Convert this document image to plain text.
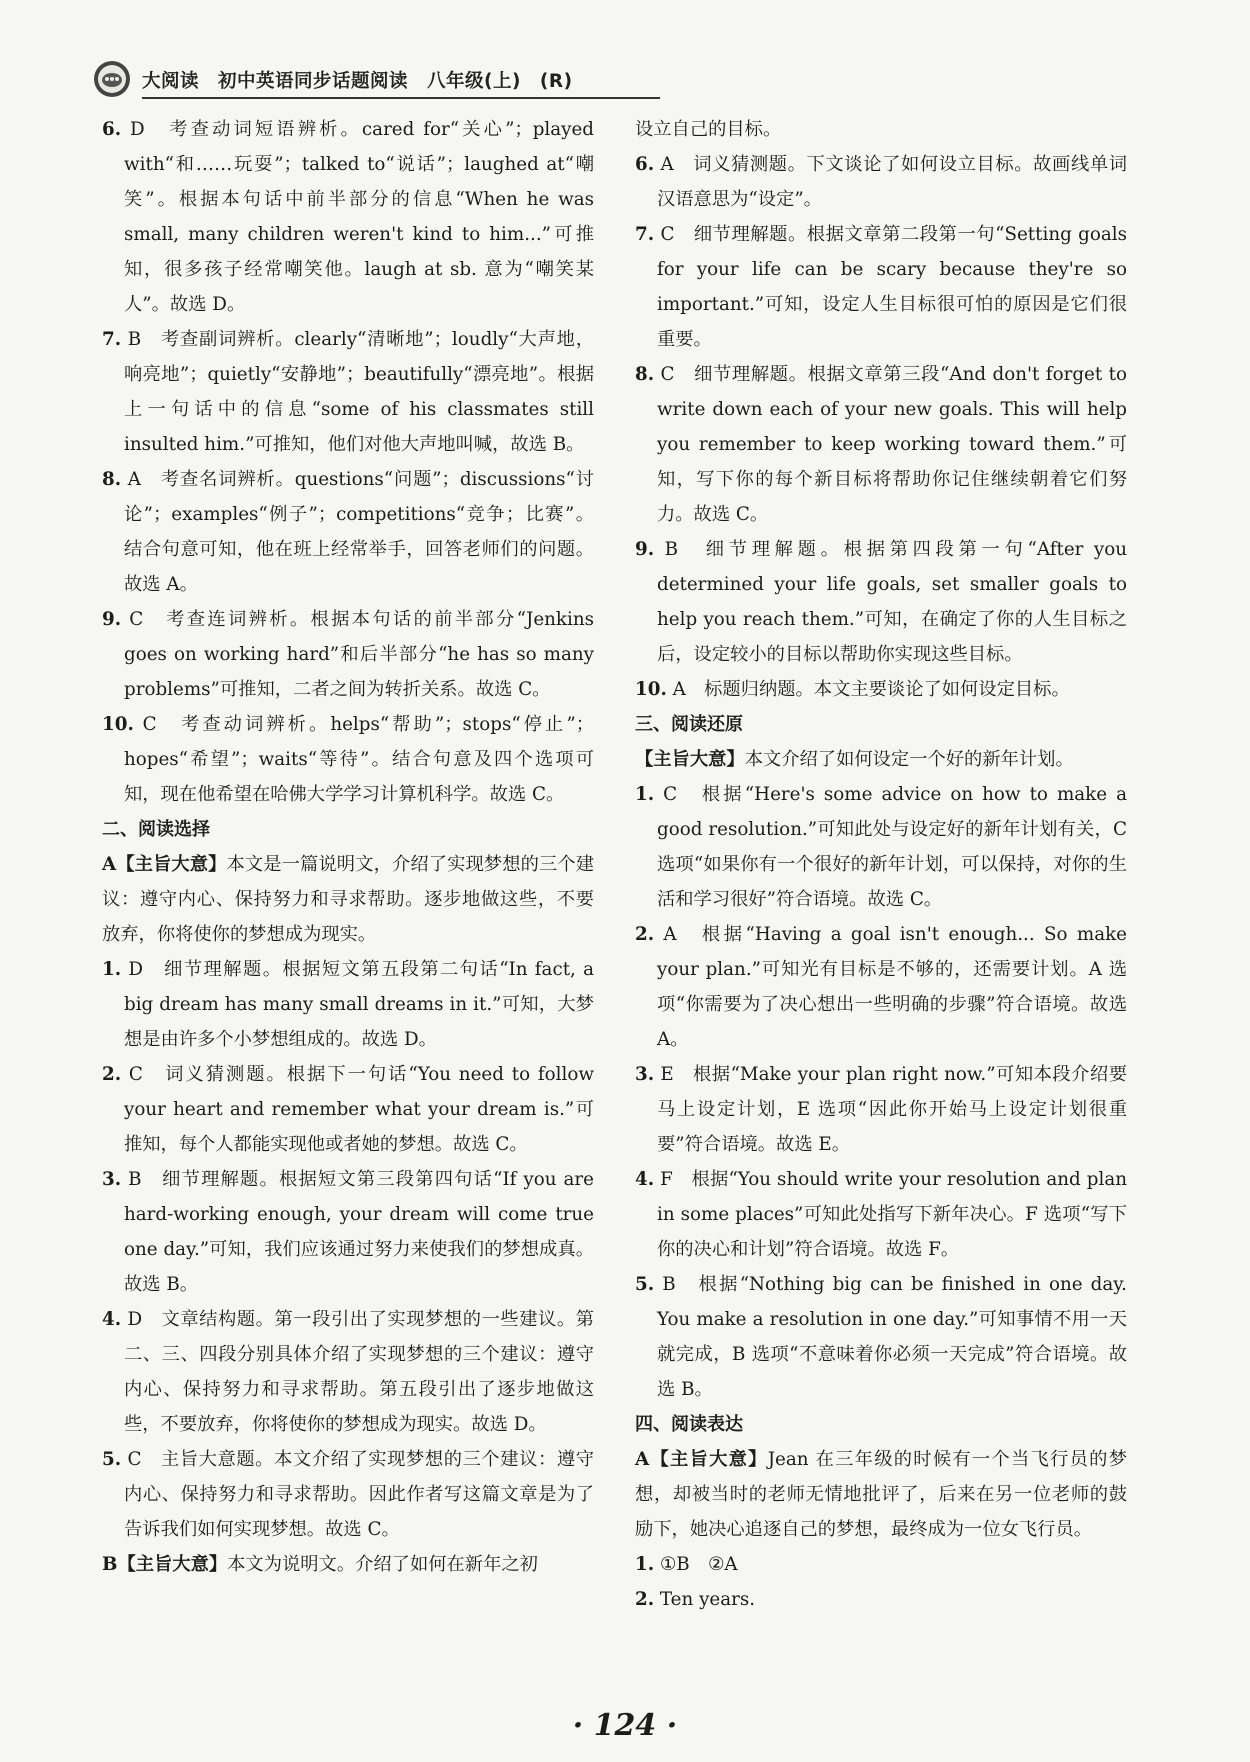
大阅读　初中英语同步话题阅读　八年级(上)　(R)

6. D　考查动词短语辨析。cared for“关心”；played with“和……玩耍”；talked to“说话”；laughed at“嘲笑”。根据本句话中前半部分的信息“When he was small, many children weren't kind to him...”可推知，很多孩子经常嘲笑他。laugh at sb. 意为“嘲笑某人”。故选 D。

7. B　考查副词辨析。clearly“清晰地”；loudly“大声地，响亮地”；quietly“安静地”；beautifully“漂亮地”。根据上一句话中的信息“some of his classmates still insulted him.”可推知，他们对他大声地叫喊，故选 B。

8. A　考查名词辨析。questions“问题”；discussions“讨论”；examples“例子”；competitions“竞争；比赛”。结合句意可知，他在班上经常举手，回答老师们的问题。故选 A。

9. C　考查连词辨析。根据本句话的前半部分“Jenkins goes on working hard”和后半部分“he has so many problems”可推知，二者之间为转折关系。故选 C。

10. C　考查动词辨析。helps“帮助”；stops“停止”；hopes“希望”；waits“等待”。结合句意及四个选项可知，现在他希望在哈佛大学学习计算机科学。故选 C。

二、阅读选择

A【主旨大意】本文是一篇说明文，介绍了实现梦想的三个建议：遵守内心、保持努力和寻求帮助。逐步地做这些，不要放弃，你将使你的梦想成为现实。

1. D　细节理解题。根据短文第五段第二句话“In fact, a big dream has many small dreams in it.”可知，大梦想是由许多个小梦想组成的。故选 D。

2. C　词义猜测题。根据下一句话“You need to follow your heart and remember what your dream is.”可推知，每个人都能实现他或者她的梦想。故选 C。

3. B　细节理解题。根据短文第三段第四句话“If you are hard-working enough, your dream will come true one day.”可知，我们应该通过努力来使我们的梦想成真。故选 B。

4. D　文章结构题。第一段引出了实现梦想的一些建议。第二、三、四段分别具体介绍了实现梦想的三个建议：遵守内心、保持努力和寻求帮助。第五段引出了逐步地做这些，不要放弃，你将使你的梦想成为现实。故选 D。

5. C　主旨大意题。本文介绍了实现梦想的三个建议：遵守内心、保持努力和寻求帮助。因此作者写这篇文章是为了告诉我们如何实现梦想。故选 C。

B【主旨大意】本文为说明文。介绍了如何在新年之初

设立自己的目标。

6. A　词义猜测题。下文谈论了如何设立目标。故画线单词汉语意思为“设定”。

7. C　细节理解题。根据文章第二段第一句“Setting goals for your life can be scary because they're so important.”可知，设定人生目标很可怕的原因是它们很重要。

8. C　细节理解题。根据文章第三段“And don't forget to write down each of your new goals. This will help you remember to keep working toward them.”可知，写下你的每个新目标将帮助你记住继续朝着它们努力。故选 C。

9. B　细节理解题。根据第四段第一句“After you determined your life goals, set smaller goals to help you reach them.”可知，在确定了你的人生目标之后，设定较小的目标以帮助你实现这些目标。

10. A　标题归纳题。本文主要谈论了如何设定目标。

三、阅读还原

【主旨大意】本文介绍了如何设定一个好的新年计划。

1. C　根据“Here's some advice on how to make a good resolution.”可知此处与设定好的新年计划有关，C 选项“如果你有一个很好的新年计划，可以保持，对你的生活和学习很好”符合语境。故选 C。

2. A　根据“Having a goal isn't enough... So make your plan.”可知光有目标是不够的，还需要计划。A 选项“你需要为了决心想出一些明确的步骤”符合语境。故选 A。

3. E　根据“Make your plan right now.”可知本段介绍要马上设定计划，E 选项“因此你开始马上设定计划很重要”符合语境。故选 E。

4. F　根据“You should write your resolution and plan in some places”可知此处指写下新年决心。F 选项“写下你的决心和计划”符合语境。故选 F。

5. B　根据“Nothing big can be finished in one day. You make a resolution in one day.”可知事情不用一天就完成，B 选项“不意味着你必须一天完成”符合语境。故选 B。

四、阅读表达

A【主旨大意】Jean 在三年级的时候有一个当飞行员的梦想，却被当时的老师无情地批评了，后来在另一位老师的鼓励下，她决心追逐自己的梦想，最终成为一位女飞行员。

1. ①B　②A

2. Ten years.

· 124 ·
